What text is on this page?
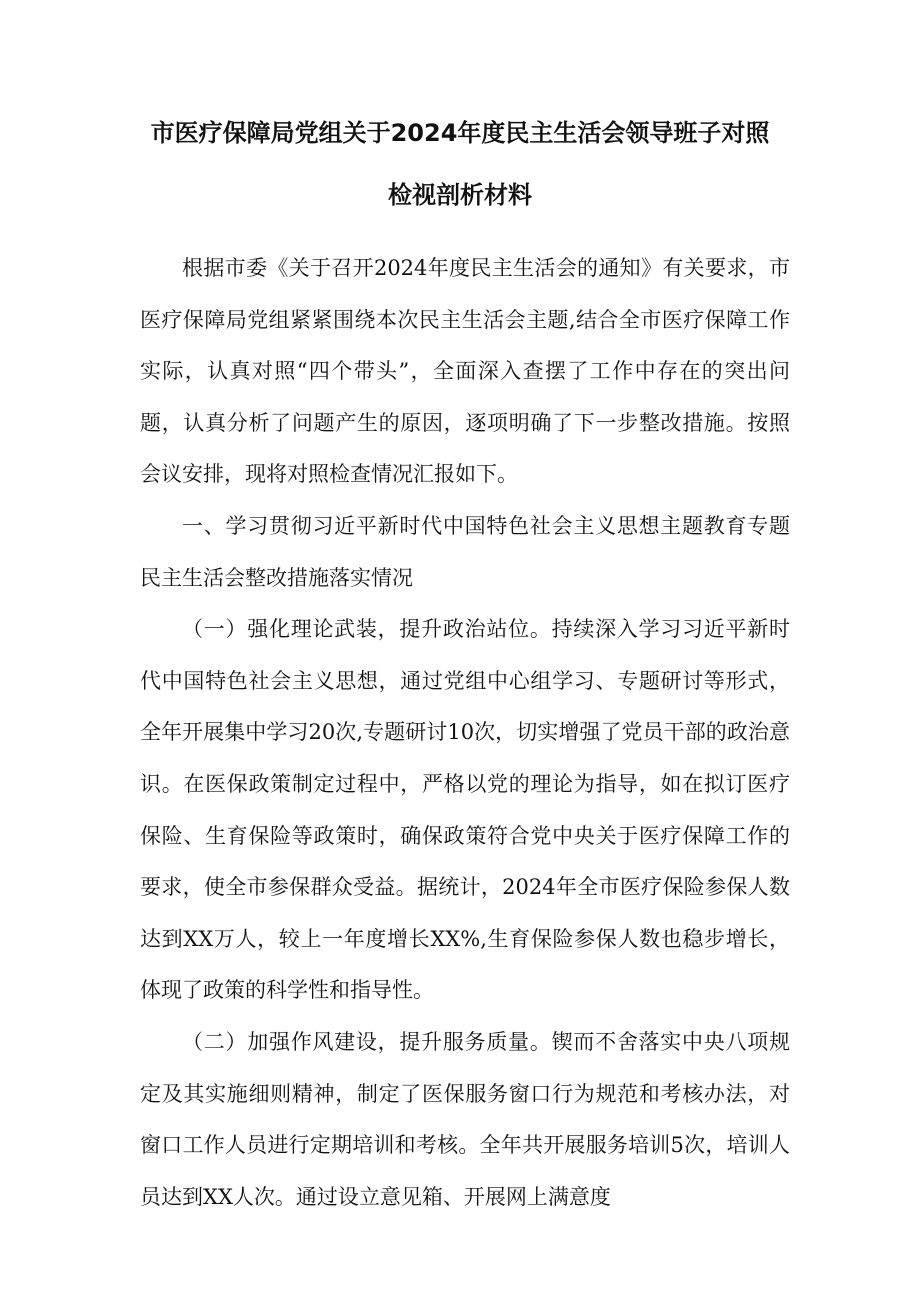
市医疗保障局党组关于2024年度民主生活会领导班子对照
检视剖析材料

根据市委《关于召开2024年度民主生活会的通知》有关要求，市医疗保障局党组紧紧围绕本次民主生活会主题,结合全市医疗保障工作实际，认真对照“四个带头”，全面深入查摆了工作中存在的突出问题，认真分析了问题产生的原因，逐项明确了下一步整改措施。按照会议安排，现将对照检查情况汇报如下。

一、学习贯彻习近平新时代中国特色社会主义思想主题教育专题民主生活会整改措施落实情况

（一）强化理论武装，提升政治站位。持续深入学习习近平新时代中国特色社会主义思想，通过党组中心组学习、专题研讨等形式，全年开展集中学习20次,专题研讨10次，切实增强了党员干部的政治意识。在医保政策制定过程中，严格以党的理论为指导，如在拟订医疗保险、生育保险等政策时，确保政策符合党中央关于医疗保障工作的要求，使全市参保群众受益。据统计，2024年全市医疗保险参保人数达到XX万人，较上一年度增长XX%,生育保险参保人数也稳步增长，体现了政策的科学性和指导性。

（二）加强作风建设，提升服务质量。锲而不舍落实中央八项规定及其实施细则精神，制定了医保服务窗口行为规范和考核办法，对窗口工作人员进行定期培训和考核。全年共开展服务培训5次，培训人员达到XX人次。通过设立意见箱、开展网上满意度
